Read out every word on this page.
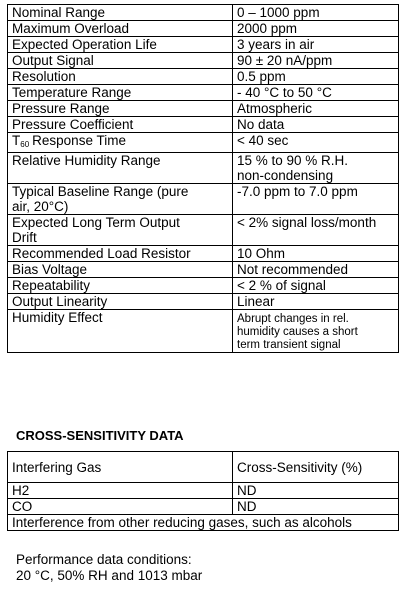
Nominal Range	0 – 1000 ppm
Maximum Overload	2000 ppm
Expected Operation Life	3 years in air
Output Signal	90 ± 20 nA/ppm
Resolution	0.5 ppm
Temperature Range	- 40 °C to 50 °C
Pressure Range	Atmospheric
Pressure Coefficient	No data
T60 Response Time	< 40 sec
Relative Humidity Range	15 % to 90 % R.H.
non-condensing

Typical Baseline Range (pure
air, 20°C)	-7.0 ppm to 7.0 ppm

Expected Long Term Output
Drift	< 2% signal loss/month
Recommended Load Resistor	10 Ohm
Bias Voltage	Not recommended
Repeatability	< 2 % of signal
Output Linearity	Linear
Humidity Effect	Abrupt changes in rel.
humidity causes a short
term transient signal
CROSS-SENSITIVITY DATA
Interfering Gas	Cross-Sensitivity (%)
H2	ND
CO	ND
Interference from other reducing gases, such as alcohols	
Performance data conditions:
20 °C, 50% RH and 1013 mbar
